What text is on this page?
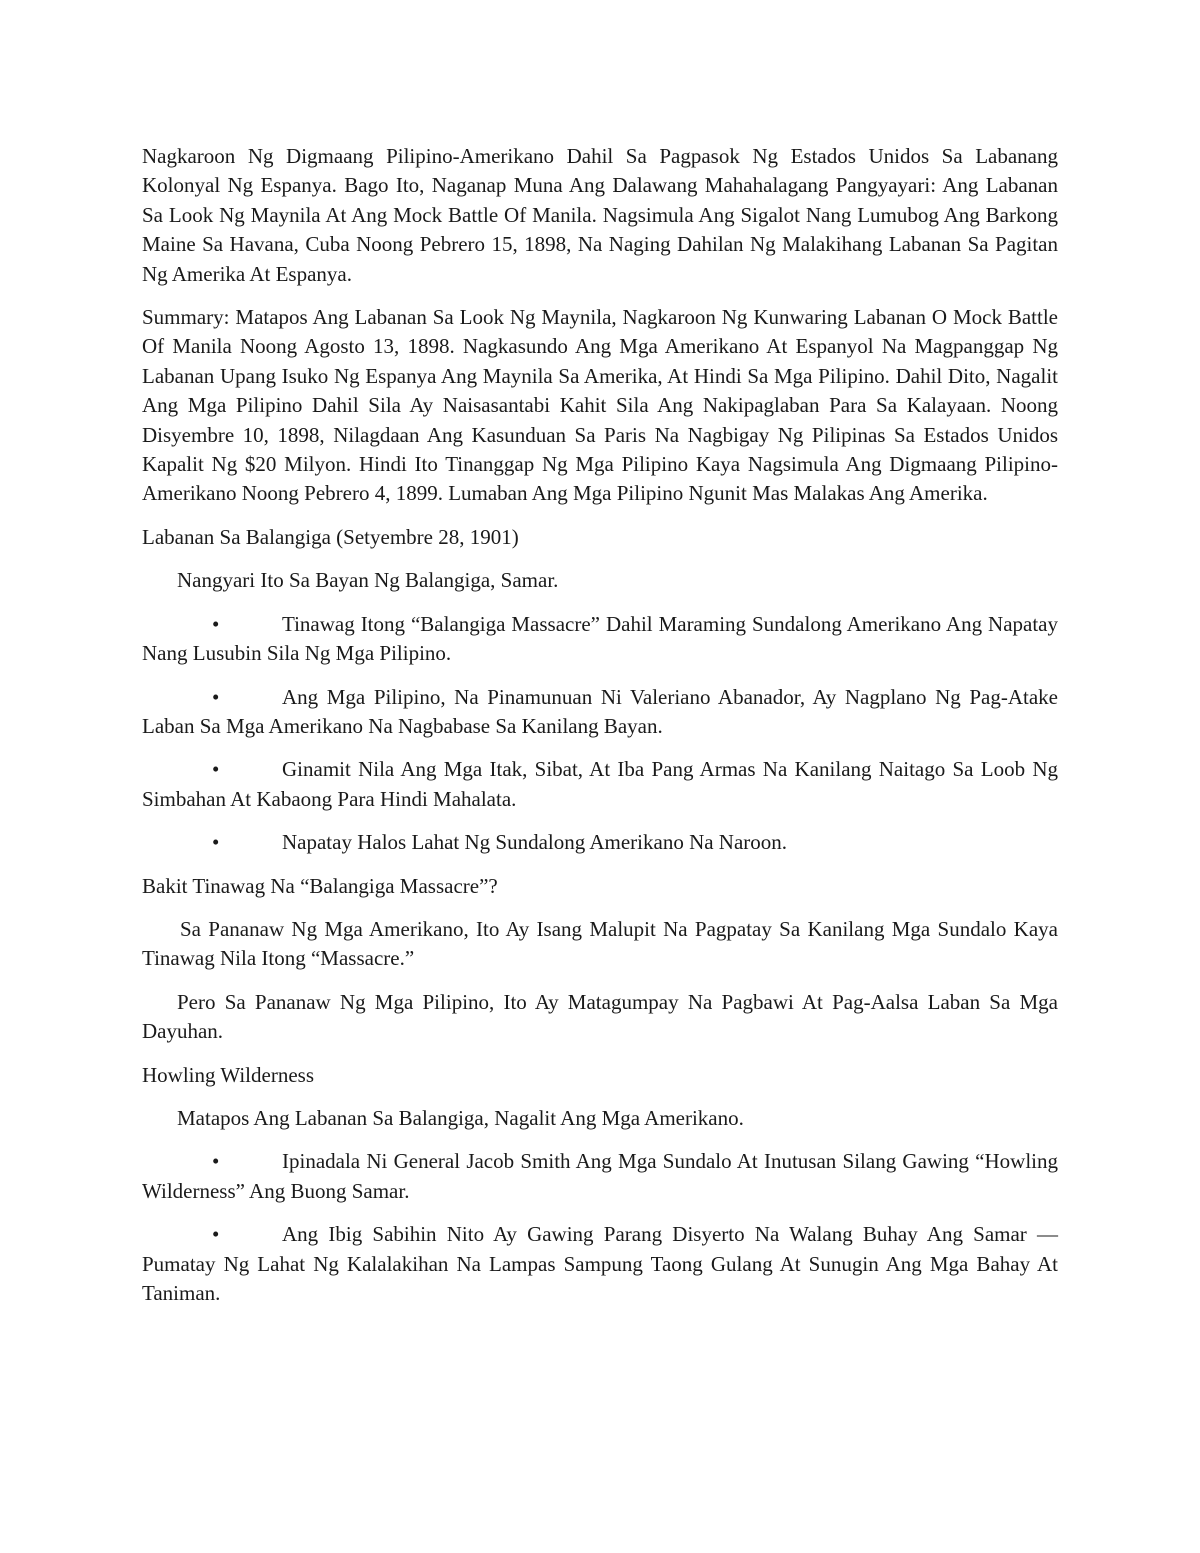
Nagkaroon Ng Digmaang Pilipino-Amerikano Dahil Sa Pagpasok Ng Estados Unidos Sa Labanang Kolonyal Ng Espanya. Bago Ito, Naganap Muna Ang Dalawang Mahahalagang Pangyayari: Ang Labanan Sa Look Ng Maynila At Ang Mock Battle Of Manila. Nagsimula Ang Sigalot Nang Lumubog Ang Barkong Maine Sa Havana, Cuba Noong Pebrero 15, 1898, Na Naging Dahilan Ng Malakihang Labanan Sa Pagitan Ng Amerika At Espanya.

Summary: Matapos Ang Labanan Sa Look Ng Maynila, Nagkaroon Ng Kunwaring Labanan O Mock Battle Of Manila Noong Agosto 13, 1898. Nagkasundo Ang Mga Amerikano At Espanyol Na Magpanggap Ng Labanan Upang Isuko Ng Espanya Ang Maynila Sa Amerika, At Hindi Sa Mga Pilipino. Dahil Dito, Nagalit Ang Mga Pilipino Dahil Sila Ay Naisasantabi Kahit Sila Ang Nakipaglaban Para Sa Kalayaan. Noong Disyembre 10, 1898, Nilagdaan Ang Kasunduan Sa Paris Na Nagbigay Ng Pilipinas Sa Estados Unidos Kapalit Ng $20 Milyon. Hindi Ito Tinanggap Ng Mga Pilipino Kaya Nagsimula Ang Digmaang Pilipino-Amerikano Noong Pebrero 4, 1899. Lumaban Ang Mga Pilipino Ngunit Mas Malakas Ang Amerika.

Labanan Sa Balangiga (Setyembre 28, 1901)

Nangyari Ito Sa Bayan Ng Balangiga, Samar.

•	Tinawag Itong “Balangiga Massacre” Dahil Maraming Sundalong Amerikano Ang Napatay Nang Lusubin Sila Ng Mga Pilipino.

•	Ang Mga Pilipino, Na Pinamunuan Ni Valeriano Abanador, Ay Nagplano Ng Pag-Atake Laban Sa Mga Amerikano Na Nagbabase Sa Kanilang Bayan.

•	Ginamit Nila Ang Mga Itak, Sibat, At Iba Pang Armas Na Kanilang Naitago Sa Loob Ng Simbahan At Kabaong Para Hindi Mahalata.

•	Napatay Halos Lahat Ng Sundalong Amerikano Na Naroon.

Bakit Tinawag Na “Balangiga Massacre”?

Sa Pananaw Ng Mga Amerikano, Ito Ay Isang Malupit Na Pagpatay Sa Kanilang Mga Sundalo Kaya Tinawag Nila Itong “Massacre.”

Pero Sa Pananaw Ng Mga Pilipino, Ito Ay Matagumpay Na Pagbawi At Pag-Aalsa Laban Sa Mga Dayuhan.

Howling Wilderness

Matapos Ang Labanan Sa Balangiga, Nagalit Ang Mga Amerikano.

•	Ipinadala Ni General Jacob Smith Ang Mga Sundalo At Inutusan Silang Gawing “Howling Wilderness” Ang Buong Samar.

•	Ang Ibig Sabihin Nito Ay Gawing Parang Disyerto Na Walang Buhay Ang Samar — Pumatay Ng Lahat Ng Kalalakihan Na Lampas Sampung Taong Gulang At Sunugin Ang Mga Bahay At Taniman.
